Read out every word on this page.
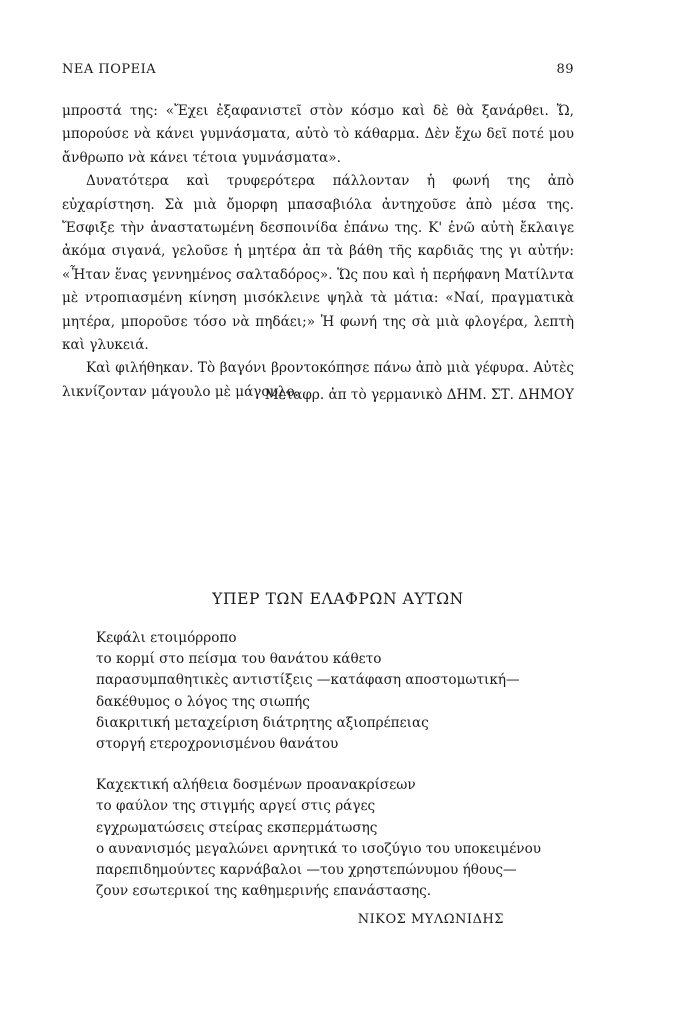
ΝΕΑ ΠΟΡΕΙΑ	89

μπροστά της: «Ἔχει ἐξαφανιστεῖ στὸν κόσμο καὶ δὲ θὰ ξανάρθει. Ὤ, μπορούσε νὰ κάνει γυμνάσματα, αὐτὸ τὸ κάθαρμα. Δὲν ἔχω δεῖ ποτέ μου ἄνθρωπο νὰ κάνει τέτοια γυμνάσματα».

Δυνατότερα καὶ τρυφερότερα πάλλονταν ἡ φωνή της ἀπὸ εὐχαρίστηση. Σὰ μιὰ ὄμορφη μπασαβιόλα ἀντηχοῦσε ἀπὸ μέσα της. Ἔσφιξε τὴν ἀναστατωμένη δεσποινίδα ἐπάνω της. Κ' ἐνῶ αὐτὴ ἔκλαιγε ἀκόμα σιγανά, γελοῦσε ἡ μητέρα ἀπ τὰ βάθη τῆς καρδιᾶς της γι αὐτήν: «Ἦταν ἕνας γεννημένος σαλταδόρος». Ὥς που καὶ ἡ περήφανη Ματίλντα μὲ ντροπιασμένη κίνηση μισόκλεινε ψηλὰ τὰ μάτια: «Ναί, πραγματικὰ μητέρα, μποροῦσε τόσο νὰ πηδάει;» Ἡ φωνή της σὰ μιὰ φλογέρα, λεπτὴ καὶ γλυκειά.

Καὶ φιλήθηκαν. Τὸ βαγόνι βροντοκόπησε πάνω ἀπὸ μιὰ γέφυρα. Αὐτὲς λικνίζονταν μάγουλο μὲ μάγουλο.

Μεταφρ. ἀπ τὸ γερμανικὸ ΔΗΜ. ΣΤ. ΔΗΜΟΥ
ΥΠΕΡ ΤΩΝ ΕΛΑΦΡΩΝ ΑΥΤΩΝ
Κεφάλι ετοιμόρροπο
το κορμί στο πείσμα του θανάτου κάθετο
παρασυμπαθητικὲς αντιστίξεις —κατάφαση αποστομωτική—
δακέθυμος ο λόγος της σιωπής
διακριτική μεταχείριση διάτρητης αξιοπρέπειας
στοργή ετεροχρονισμένου θανάτου
Καχεκτική αλήθεια δοσμένων προανακρίσεων
το φαύλον της στιγμής αργεί στις ράγες
εγχρωματώσεις στείρας εκσπερμάτωσης
ο αυνανισμός μεγαλώνει αρνητικά το ισοζύγιο του υποκειμένου
παρεπιδημούντες καρνάβαλοι —του χρηστεπώνυμου ήθους—
ζουν εσωτερικοί της καθημερινής επανάστασης.
ΝΙΚΟΣ ΜΥΛΩΝΙΔΗΣ
